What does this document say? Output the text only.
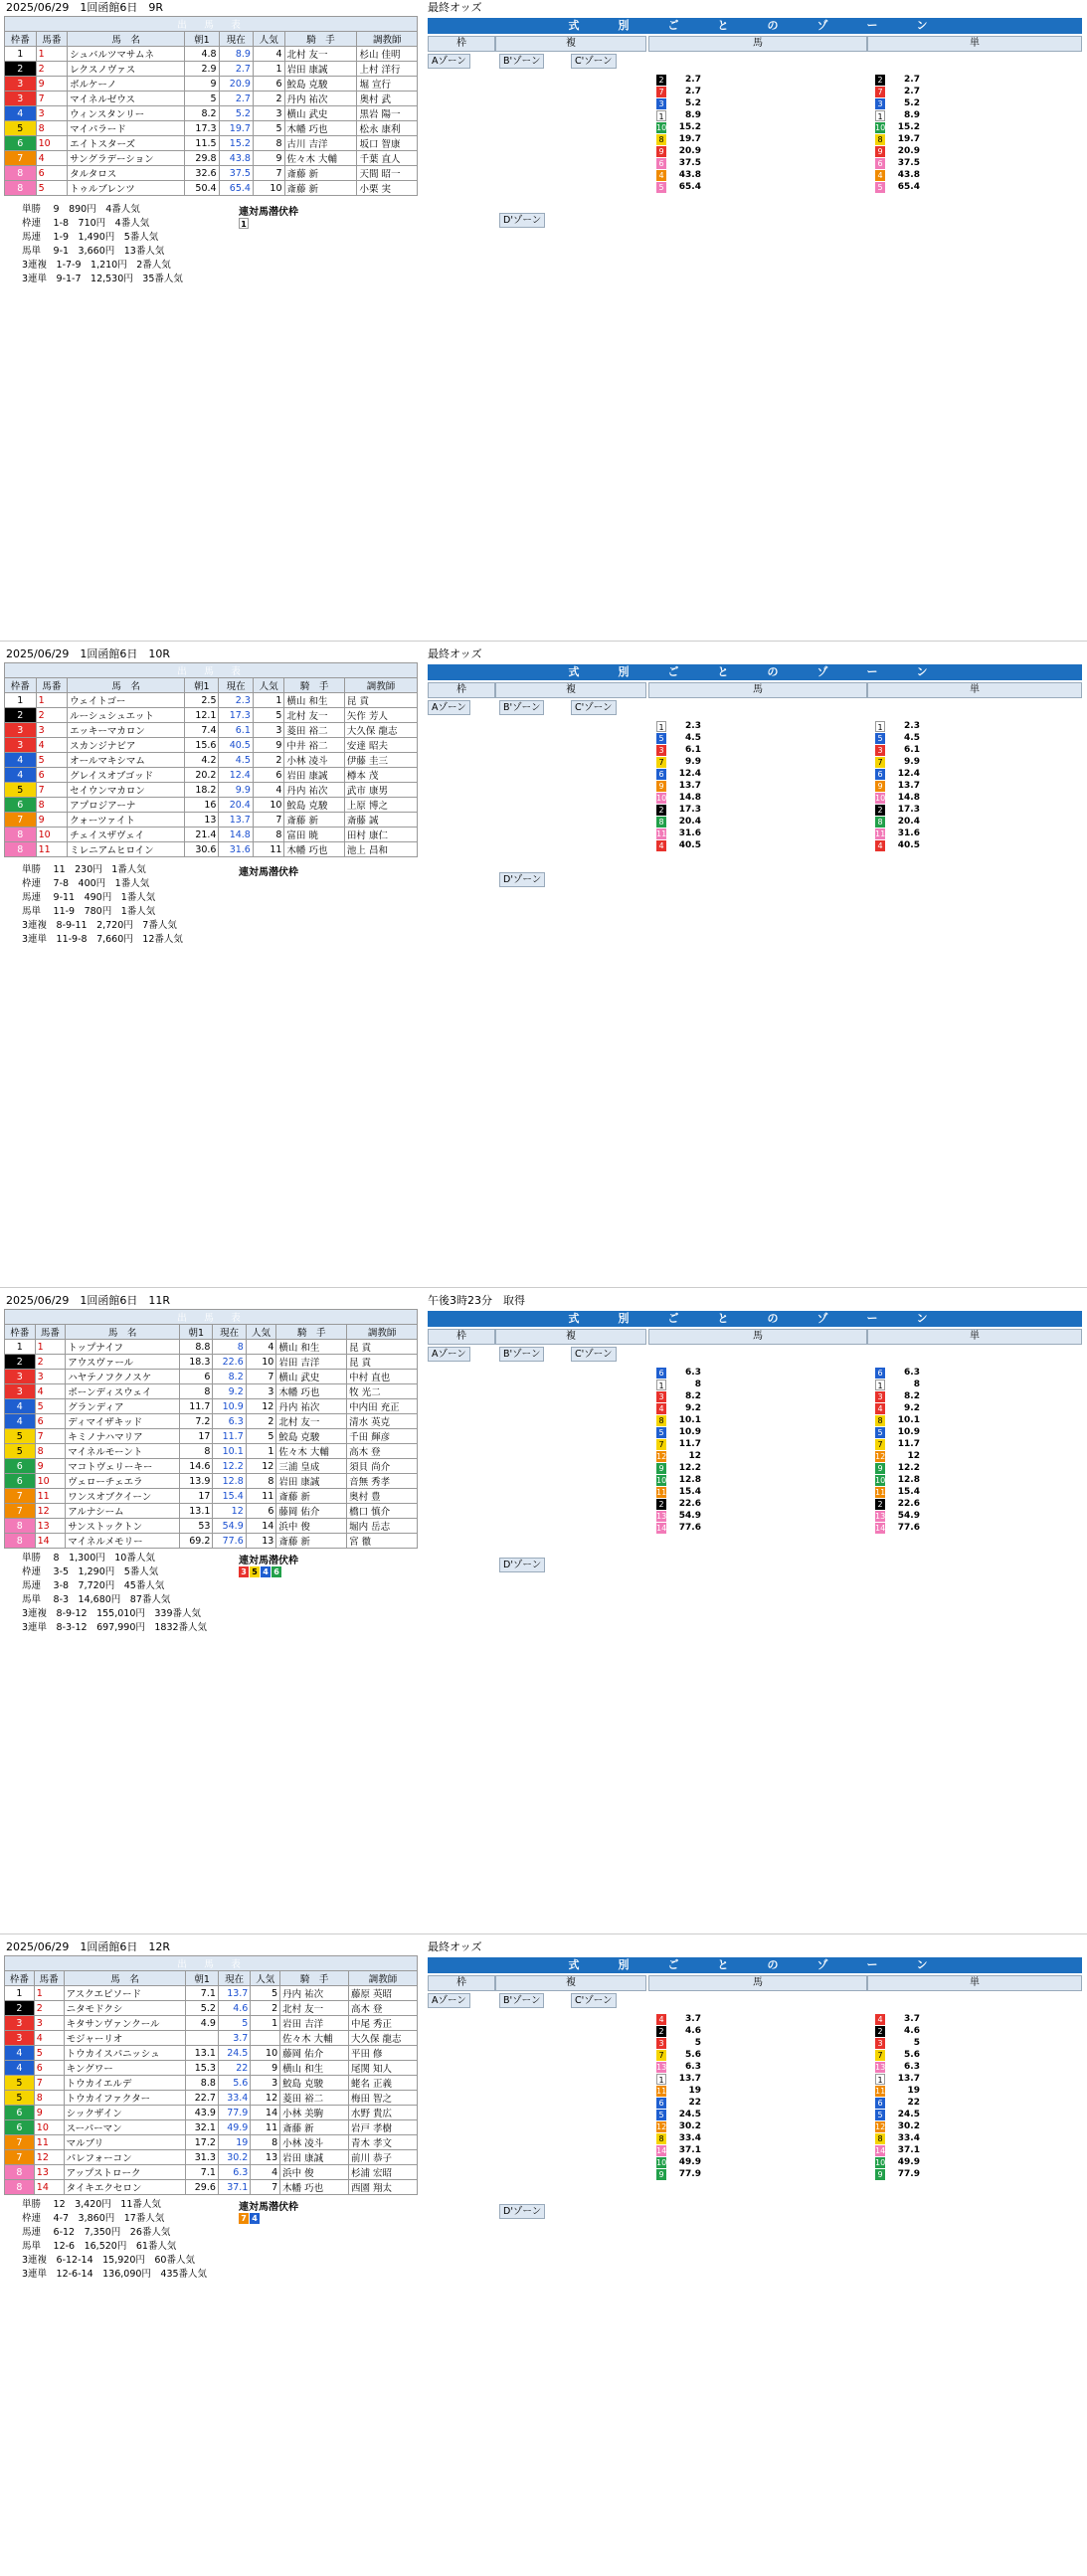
2025/06/29　1回函館6日　9R	最終オッズ
出　馬　表							
枠番	馬番	馬　名	朝1	現在	人気	騎　手	調教師
1	1	シュバルツマサムネ	4.8	8.9	4	北村 友一	杉山 佳明
2	2	レクスノヴァス	2.9	2.7	1	岩田 康誠	上村 洋行
3	9	ボルケーノ	9	20.9	6	鮫島 克駿	堀 宣行
3	7	マイネルゼウス	5	2.7	2	丹内 祐次	奥村 武
4	3	ウィンスタンリー	8.2	5.2	3	横山 武史	黒岩 陽一
5	8	マイパラード	17.3	19.7	5	木幡 巧也	松永 康利
6	10	エイトスターズ	11.5	15.2	8	古川 吉洋	坂口 智康
7	4	サングラデーション	29.8	43.8	9	佐々木 大輔	千葉 直人
8	6	タルタロス	32.6	37.5	7	斎藤 新	天間 昭一
8	5	トゥルブレンツ	50.4	65.4	10	斎藤 新	小栗 実
単勝　 9　890円　4番人気
枠連　 1-8　710円　4番人気
馬連　 1-9　1,490円　5番人気
馬単　 9-1　3,660円　13番人気
3連複　1-7-9　1,210円　2番人気
3連単　9-1-7　12,530円　35番人気
連対馬潜伏枠
1
式　別　ご　と　の　ゾ　ー　ン
枠	複	馬	単
Aゾーン	B'ゾーン	C'ゾーン
2	2.7
7	2.7
3	5.2
1	8.9
10	15.2
8	19.7
9	20.9
6	37.5
4	43.8
5	65.4
2	2.7
7	2.7
3	5.2
1	8.9
10	15.2
8	19.7
9	20.9
6	37.5
4	43.8
5	65.4
D'ゾーン
2025/06/29　1回函館6日　10R	最終オッズ
出　馬　表							
枠番	馬番	馬　名	朝1	現在	人気	騎　手	調教師
1	1	ウェイトゴー	2.5	2.3	1	横山 和生	昆 貢
2	2	ルーシュシュエット	12.1	17.3	5	北村 友一	矢作 芳人
3	3	エッキーマカロン	7.4	6.1	3	菱田 裕二	大久保 龍志
3	4	スカンジナビア	15.6	40.5	9	中井 裕二	安達 昭夫
4	5	オールマキシマム	4.2	4.5	2	小林 凌斗	伊藤 圭三
4	6	グレイスオブゴッド	20.2	12.4	6	岩田 康誠	樽本 茂
5	7	セイウンマカロン	18.2	9.9	4	丹内 祐次	武市 康男
6	8	アプロジアーナ	16	20.4	10	鮫島 克駿	上原 博之
7	9	クォーツァイト	13	13.7	7	斎藤 新	斎藤 誠
8	10	チェイスザヴェイ	21.4	14.8	8	富田 暁	田村 康仁
8	11	ミレニアムヒロイン	30.6	31.6	11	木幡 巧也	池上 昌和
単勝　 11　230円　1番人気
枠連　 7-8　400円　1番人気
馬連　 9-11　490円　1番人気
馬単　 11-9　780円　1番人気
3連複　8-9-11　2,720円　7番人気
3連単　11-9-8　7,660円　12番人気
連対馬潜伏枠
式　別　ご　と　の　ゾ　ー　ン
枠	複	馬	単
Aゾーン	B'ゾーン	C'ゾーン
1	2.3
5	4.5
3	6.1
7	9.9
6	12.4
9	13.7
10	14.8
2	17.3
8	20.4
11	31.6
4	40.5
1	2.3
5	4.5
3	6.1
7	9.9
6	12.4
9	13.7
10	14.8
2	17.3
8	20.4
11	31.6
4	40.5
D'ゾーン
2025/06/29　1回函館6日　11R	午後3時23分　取得
出　馬　表							
枠番	馬番	馬　名	朝1	現在	人気	騎　手	調教師
1	1	トップナイフ	8.8	8	4	横山 和生	昆 貢
2	2	アウスヴァール	18.3	22.6	10	岩田 吉洋	昆 貢
3	3	ハヤテノフクノスケ	6	8.2	7	横山 武史	中村 直也
3	4	ボーンディスウェイ	8	9.2	3	木幡 巧也	牧 光二
4	5	グランディア	11.7	10.9	12	丹内 祐次	中内田 充正
4	6	ディマイザキッド	7.2	6.3	2	北村 友一	清水 英克
5	7	キミノナハマリア	17	11.7	5	鮫島 克駿	千田 輝彦
5	8	マイネルモーント	8	10.1	1	佐々木 大輔	高木 登
6	9	マコトヴェリーキー	14.6	12.2	12	三浦 皇成	須貝 尚介
6	10	ヴェローチェエラ	13.9	12.8	8	岩田 康誠	音無 秀孝
7	11	ワンスオブクイーン	17	15.4	11	斎藤 新	奥村 豊
7	12	アルナシーム	13.1	12	6	藤岡 佑介	橋口 慎介
8	13	サンストックトン	53	54.9	14	浜中 俊	堀内 岳志
8	14	マイネルメモリー	69.2	77.6	13	斎藤 新	宮 徹
単勝　 8　1,300円　10番人気
枠連　 3-5　1,290円　5番人気
馬連　 3-8　7,720円　45番人気
馬単　 8-3　14,680円　87番人気
3連複　8-9-12　155,010円　339番人気
3連単　8-3-12　697,990円　1832番人気
連対馬潜伏枠
3 5 4 6
式　別　ご　と　の　ゾ　ー　ン
枠	複	馬	単
Aゾーン	B'ゾーン	C'ゾーン
6	6.3
1	8
3	8.2
4	9.2
8	10.1
5	10.9
7	11.7
12	12
9	12.2
10	12.8
11	15.4
2	22.6
13	54.9
14	77.6
6	6.3
1	8
3	8.2
4	9.2
8	10.1
5	10.9
7	11.7
12	12
9	12.2
10	12.8
11	15.4
2	22.6
13	54.9
14	77.6
D'ゾーン
2025/06/29　1回函館6日　12R	最終オッズ
出　馬　表							
枠番	馬番	馬　名	朝1	現在	人気	騎　手	調教師
1	1	アスクエピソード	7.1	13.7	5	丹内 祐次	藤原 英昭
2	2	ニタモドクシ	5.2	4.6	2	北村 友一	高木 登
3	3	キタサンヴァンクール	4.9	5	1	岩田 吉洋	中尾 秀正
3	4	モジャーリオ		3.7		佐々木 大輔	大久保 龍志
4	5	トウカイスパニッシュ	13.1	24.5	10	藤岡 佑介	平田 修
4	6	キングワー	15.3	22	9	横山 和生	尾関 知人
5	7	トウカイエルデ	8.8	5.6	3	鮫島 克駿	蛯名 正義
5	8	トウカイファクター	22.7	33.4	12	菱田 裕二	梅田 智之
6	9	シックザイン	43.9	77.9	14	小林 美駒	水野 貴広
6	10	スーパーマン	32.1	49.9	11	斎藤 新	岩戸 孝樹
7	11	マルブリ	17.2	19	8	小林 凌斗	青木 孝文
7	12	パレフォーコン	31.3	30.2	13	岩田 康誠	前川 恭子
8	13	アップストローク	7.1	6.3	4	浜中 俊	杉浦 宏昭
8	14	タイキエクセロン	29.6	37.1	7	木幡 巧也	西園 翔太
単勝　 12　3,420円　11番人気
枠連　 4-7　3,860円　17番人気
馬連　 6-12　7,350円　26番人気
馬単　 12-6　16,520円　61番人気
3連複　6-12-14　15,920円　60番人気
3連単　12-6-14　136,090円　435番人気
連対馬潜伏枠
7 4
式　別　ご　と　の　ゾ　ー　ン
枠	複	馬	単
Aゾーン	B'ゾーン	C'ゾーン
4	3.7
2	4.6
3	5
7	5.6
13	6.3
1	13.7
11	19
6	22
5	24.5
12	30.2
8	33.4
14	37.1
10	49.9
9	77.9
4	3.7
2	4.6
3	5
7	5.6
13	6.3
1	13.7
11	19
6	22
5	24.5
12	30.2
8	33.4
14	37.1
10	49.9
9	77.9
D'ゾーン
